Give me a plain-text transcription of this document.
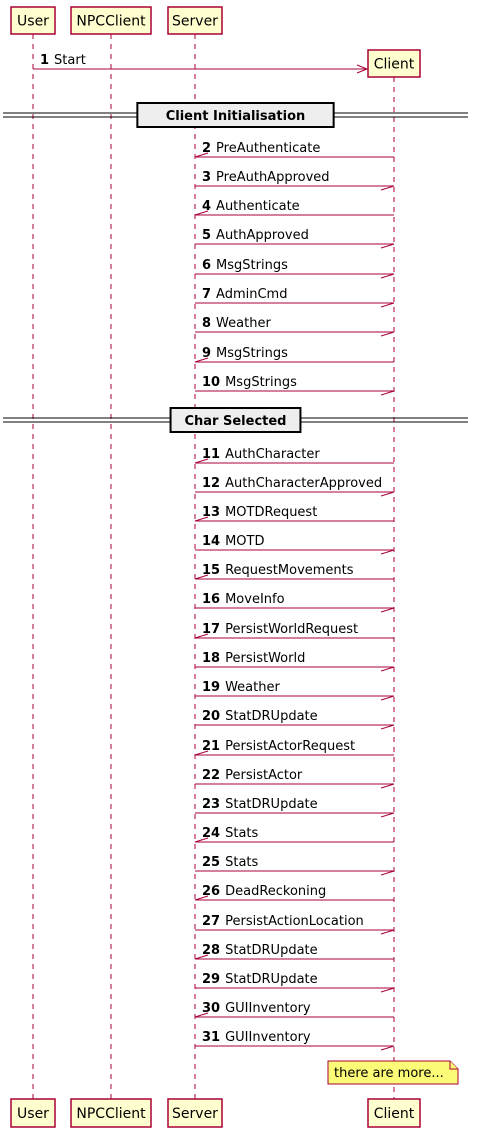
1 Start
Client Initialisation
2 PreAuthenticate
3 PreAuthApproved
4 Authenticate
5 AuthApproved
6 MsgStrings
7 AdminCmd
8 Weather
9 MsgStrings
10 MsgStrings
Char Selected
11 AuthCharacter
12 AuthCharacterApproved
13 MOTDRequest
14 MOTD
15 RequestMovements
16 MoveInfo
17 PersistWorldRequest
18 PersistWorld
19 Weather
20 StatDRUpdate
21 PersistActorRequest
22 PersistActor
23 StatDRUpdate
24 Stats
25 Stats
26 DeadReckoning
27 PersistActionLocation
28 StatDRUpdate
29 StatDRUpdate
30 GUIInventory
31 GUIInventory
there are more...
User NPCClient Server
Client
User NPCClient Server	Client
